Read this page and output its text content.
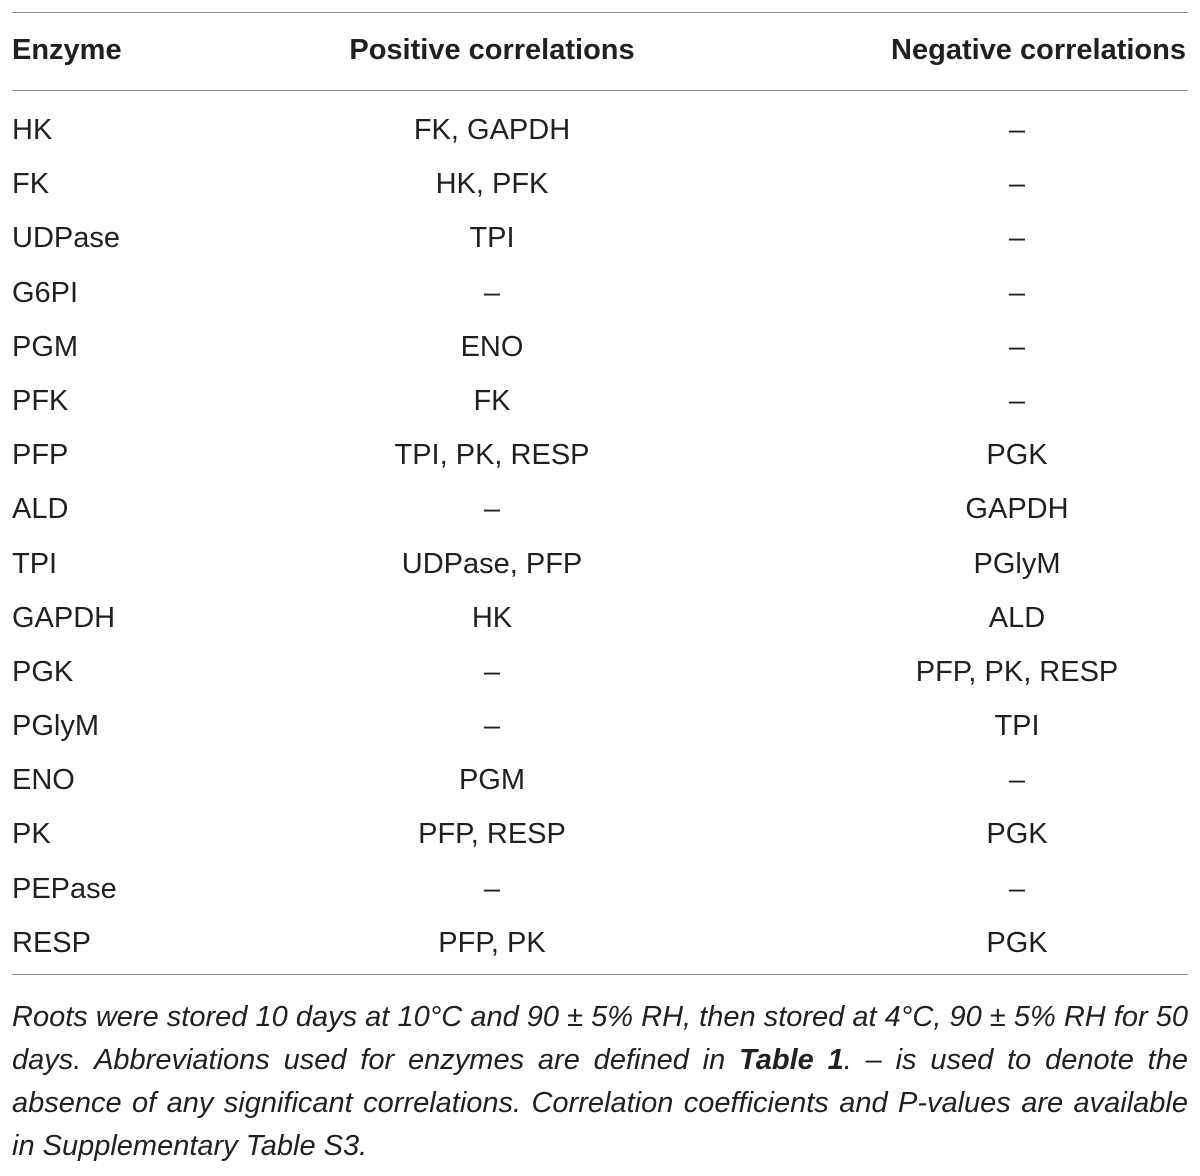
Enzyme	Positive correlations	Negative correlations
HK	FK, GAPDH	–
FK	HK, PFK	–
UDPase	TPI	–
G6PI	–	–
PGM	ENO	–
PFK	FK	–
PFP	TPI, PK, RESP	PGK
ALD	–	GAPDH
TPI	UDPase, PFP	PGlyM
GAPDH	HK	ALD
PGK	–	PFP, PK, RESP
PGlyM	–	TPI
ENO	PGM	–
PK	PFP, RESP	PGK
PEPase	–	–
RESP	PFP, PK	PGK
Roots were stored 10 days at 10°C and 90 ± 5% RH, then stored at 4°C, 90 ± 5% RH for 50 days. Abbreviations used for enzymes are defined in Table 1. – is used to denote the absence of any significant correlations. Correlation coefficients and P-values are available in Supplementary Table S3.
